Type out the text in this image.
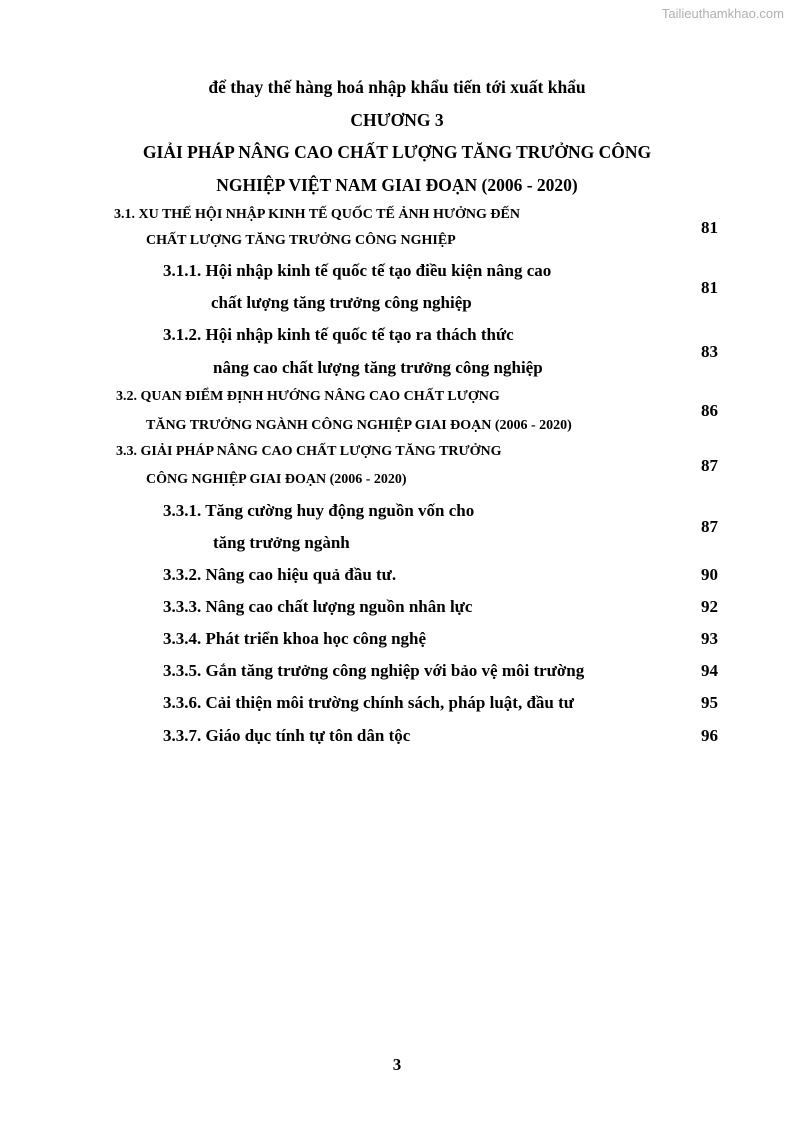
Tailieuthamkhao.com
để thay thế hàng hoá nhập khẩu tiến tới xuất khẩu
CHƯƠNG 3
GIẢI PHÁP NÂNG CAO CHẤT LƯỢNG TĂNG TRƯỞNG CÔNG
NGHIỆP VIỆT NAM GIAI ĐOẠN (2006 - 2020)
3.1. XU THẾ HỘI NHẬP KINH TẾ QUỐC TẾ ẢNH HƯỞNG ĐẾN
CHẤT LƯỢNG TĂNG TRƯỞNG CÔNG NGHIỆP
81
3.1.1. Hội nhập kinh tế quốc tế tạo điều kiện nâng cao
chất lượng tăng trưởng công nghiệp
81
3.1.2. Hội nhập kinh tế quốc tế tạo ra thách thức
nâng cao chất lượng tăng trưởng công nghiệp
83
3.2. QUAN ĐIỂM ĐỊNH HƯỚNG NÂNG CAO CHẤT LƯỢNG
TĂNG TRƯỞNG NGÀNH CÔNG NGHIỆP GIAI ĐOẠN (2006 - 2020)
86
3.3. GIẢI PHÁP NÂNG CAO CHẤT LƯỢNG TĂNG TRƯỞNG
CÔNG NGHIỆP GIAI ĐOẠN (2006 - 2020)
87
3.3.1. Tăng cường huy động nguồn vốn cho
tăng trưởng ngành
87
3.3.2. Nâng cao hiệu quả đầu tư.	90
3.3.3. Nâng cao chất lượng nguồn nhân lực	92
3.3.4. Phát triển khoa học công nghệ	93
3.3.5. Gắn tăng trưởng công nghiệp với bảo vệ môi trường	94
3.3.6. Cải thiện môi trường chính sách, pháp luật, đầu tư	95
3.3.7. Giáo dục tính tự tôn dân tộc	96
3
